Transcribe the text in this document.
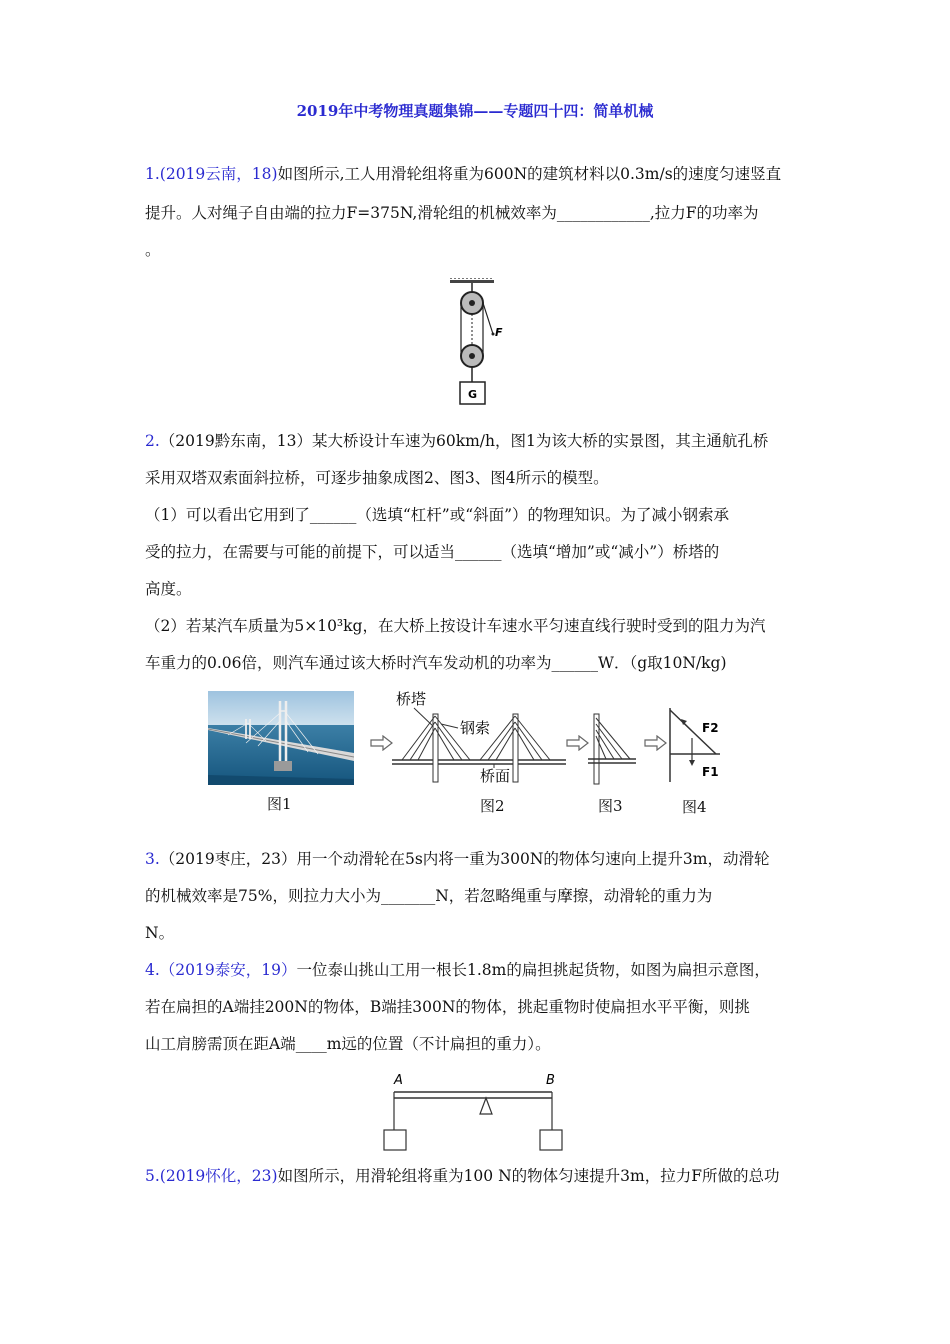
2019年中考物理真题集锦——专题四十四：简单机械
1.(2019云南，18)如图所示,工人用滑轮组将重为600N的建筑材料以0.3m/s的速度匀速竖直
提升。人对绳子自由端的拉力F=375N,滑轮组的机械效率为____________,拉力F的功率为
。
F
G
2.（2019黔东南，13）某大桥设计车速为60km/h，图1为该大桥的实景图，其主通航孔桥
采用双塔双索面斜拉桥，可逐步抽象成图2、图3、图4所示的模型。
（1）可以看出它用到了______（选填“杠杆”或“斜面”）的物理知识。为了减小钢索承
受的拉力，在需要与可能的前提下，可以适当______（选填“增加”或“减小”）桥塔的
高度。
（2）若某汽车质量为5×10³kg，在大桥上按设计车速水平匀速直线行驶时受到的阻力为汽
车重力的0.06倍，则汽车通过该大桥时汽车发动机的功率为______W．（g取10N/kg)
图1
桥塔
钢索
桥面
图2	图3
F2
F1
图4
3.（2019枣庄，23）用一个动滑轮在5s内将一重为300N的物体匀速向上提升3m，动滑轮
的机械效率是75%，则拉力大小为_______N，若忽略绳重与摩擦，动滑轮的重力为
N。
4.（2019泰安，19）一位泰山挑山工用一根长1.8m的扁担挑起货物，如图为扁担示意图，
若在扁担的A端挂200N的物体，B端挂300N的物体，挑起重物时使扁担水平平衡，则挑
山工肩膀需顶在距A端____m远的位置（不计扁担的重力）。
A	B
5.(2019怀化，23)如图所示，用滑轮组将重为100 N的物体匀速提升3m，拉力F所做的总功
